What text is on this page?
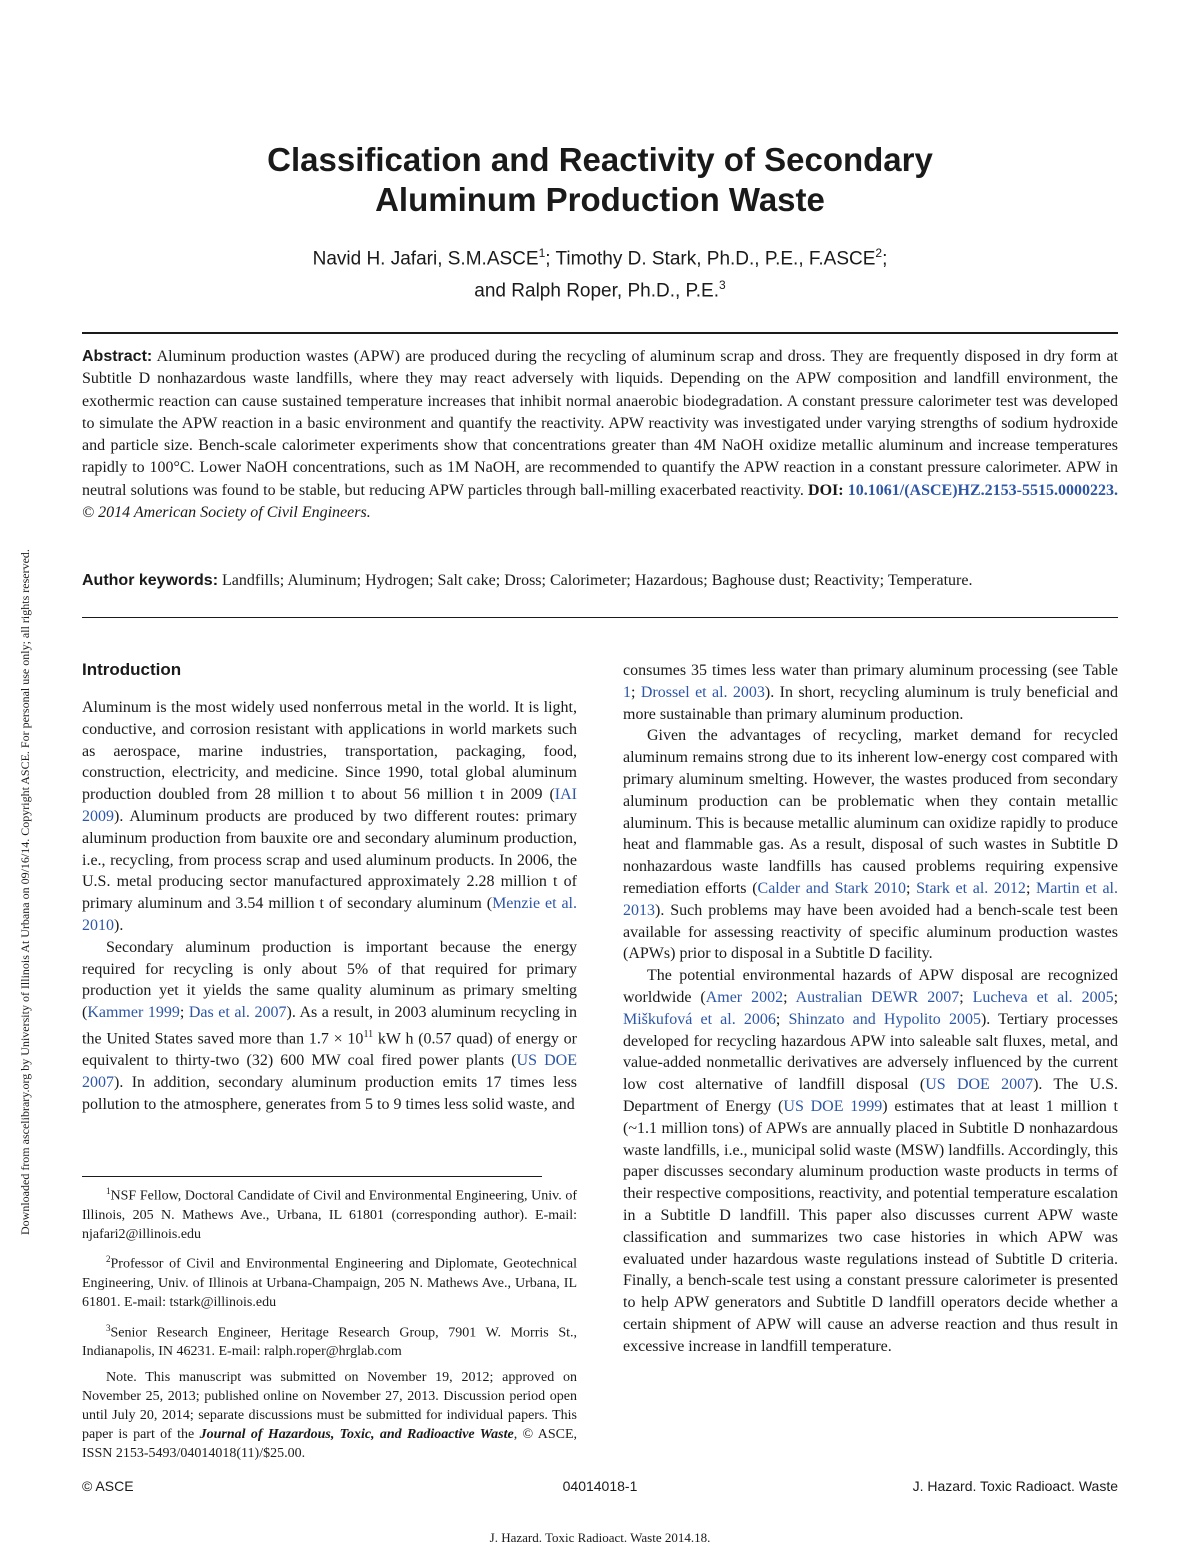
Downloaded from ascelibrary.org by University of Illinois At Urbana on 09/16/14. Copyright ASCE. For personal use only; all rights reserved.
Classification and Reactivity of Secondary
Aluminum Production Waste
Navid H. Jafari, S.M.ASCE$^1$; Timothy D. Stark, Ph.D., P.E., F.ASCE$^2$;
and Ralph Roper, Ph.D., P.E.$^3$
Abstract: Aluminum production wastes (APW) are produced during the recycling of aluminum scrap and dross. They are frequently disposed in dry form at Subtitle D nonhazardous waste landfills, where they may react adversely with liquids. Depending on the APW composition and landfill environment, the exothermic reaction can cause sustained temperature increases that inhibit normal anaerobic biodegradation. A constant pressure calorimeter test was developed to simulate the APW reaction in a basic environment and quantify the reactivity. APW reactivity was investigated under varying strengths of sodium hydroxide and particle size. Bench-scale calorimeter experiments show that concentrations greater than 4M NaOH oxidize metallic aluminum and increase temperatures rapidly to 100°C. Lower NaOH concentrations, such as 1M NaOH, are recommended to quantify the APW reaction in a constant pressure calorimeter. APW in neutral solutions was found to be stable, but reducing APW particles through ball-milling exacerbated reactivity. DOI: 10.1061/(ASCE)HZ.2153-5515.0000223. © 2014 American Society of Civil Engineers.
Author keywords: Landfills; Aluminum; Hydrogen; Salt cake; Dross; Calorimeter; Hazardous; Baghouse dust; Reactivity; Temperature.
Introduction

Aluminum is the most widely used nonferrous metal in the world. It is light, conductive, and corrosion resistant with applications in world markets such as aerospace, marine industries, transportation, packaging, food, construction, electricity, and medicine. Since 1990, total global aluminum production doubled from 28 million t to about 56 million t in 2009 (IAI 2009). Aluminum products are produced by two different routes: primary aluminum production from bauxite ore and secondary aluminum production, i.e., recycling, from process scrap and used aluminum products. In 2006, the U.S. metal producing sector manufactured approximately 2.28 million t of primary aluminum and 3.54 million t of secondary aluminum (Menzie et al. 2010).

Secondary aluminum production is important because the energy required for recycling is only about 5% of that required for primary production yet it yields the same quality aluminum as primary smelting (Kammer 1999; Das et al. 2007). As a result, in 2003 aluminum recycling in the United States saved more than $1.7 \times 10^{11}$ kW h (0.57 quad) of energy or equivalent to thirty-two (32) 600 MW coal fired power plants (US DOE 2007). In addition, secondary aluminum production emits 17 times less pollution to the atmosphere, generates from 5 to 9 times less solid waste, and

$^1$NSF Fellow, Doctoral Candidate of Civil and Environmental Engineering, Univ. of Illinois, 205 N. Mathews Ave., Urbana, IL 61801 (corresponding author). E-mail: njafari2@illinois.edu

$^2$Professor of Civil and Environmental Engineering and Diplomate, Geotechnical Engineering, Univ. of Illinois at Urbana-Champaign, 205 N. Mathews Ave., Urbana, IL 61801. E-mail: tstark@illinois.edu

$^3$Senior Research Engineer, Heritage Research Group, 7901 W. Morris St., Indianapolis, IN 46231. E-mail: ralph.roper@hrglab.com

Note. This manuscript was submitted on November 19, 2012; approved on November 25, 2013; published online on November 27, 2013. Discussion period open until July 20, 2014; separate discussions must be submitted for individual papers. This paper is part of the Journal of Hazardous, Toxic, and Radioactive Waste, © ASCE, ISSN 2153-5493/04014018(11)/$25.00.

consumes 35 times less water than primary aluminum processing (see Table 1; Drossel et al. 2003). In short, recycling aluminum is truly beneficial and more sustainable than primary aluminum production.

Given the advantages of recycling, market demand for recycled aluminum remains strong due to its inherent low-energy cost compared with primary aluminum smelting. However, the wastes produced from secondary aluminum production can be problematic when they contain metallic aluminum. This is because metallic aluminum can oxidize rapidly to produce heat and flammable gas. As a result, disposal of such wastes in Subtitle D nonhazardous waste landfills has caused problems requiring expensive remediation efforts (Calder and Stark 2010; Stark et al. 2012; Martin et al. 2013). Such problems may have been avoided had a bench-scale test been available for assessing reactivity of specific aluminum production wastes (APWs) prior to disposal in a Subtitle D facility.

The potential environmental hazards of APW disposal are recognized worldwide (Amer 2002; Australian DEWR 2007; Lucheva et al. 2005; Miškufová et al. 2006; Shinzato and Hypolito 2005). Tertiary processes developed for recycling hazardous APW into saleable salt fluxes, metal, and value-added nonmetallic derivatives are adversely influenced by the current low cost alternative of landfill disposal (US DOE 2007). The U.S. Department of Energy (US DOE 1999) estimates that at least 1 million t (~1.1 million tons) of APWs are annually placed in Subtitle D nonhazardous waste landfills, i.e., municipal solid waste (MSW) landfills. Accordingly, this paper discusses secondary aluminum production waste products in terms of their respective compositions, reactivity, and potential temperature escalation in a Subtitle D landfill. This paper also discusses current APW waste classification and summarizes two case histories in which APW was evaluated under hazardous waste regulations instead of Subtitle D criteria. Finally, a bench-scale test using a constant pressure calorimeter is presented to help APW generators and Subtitle D landfill operators decide whether a certain shipment of APW will cause an adverse reaction and thus result in excessive increase in landfill temperature.

© ASCE	04014018-1	J. Hazard. Toxic Radioact. Waste
J. Hazard. Toxic Radioact. Waste 2014.18.
